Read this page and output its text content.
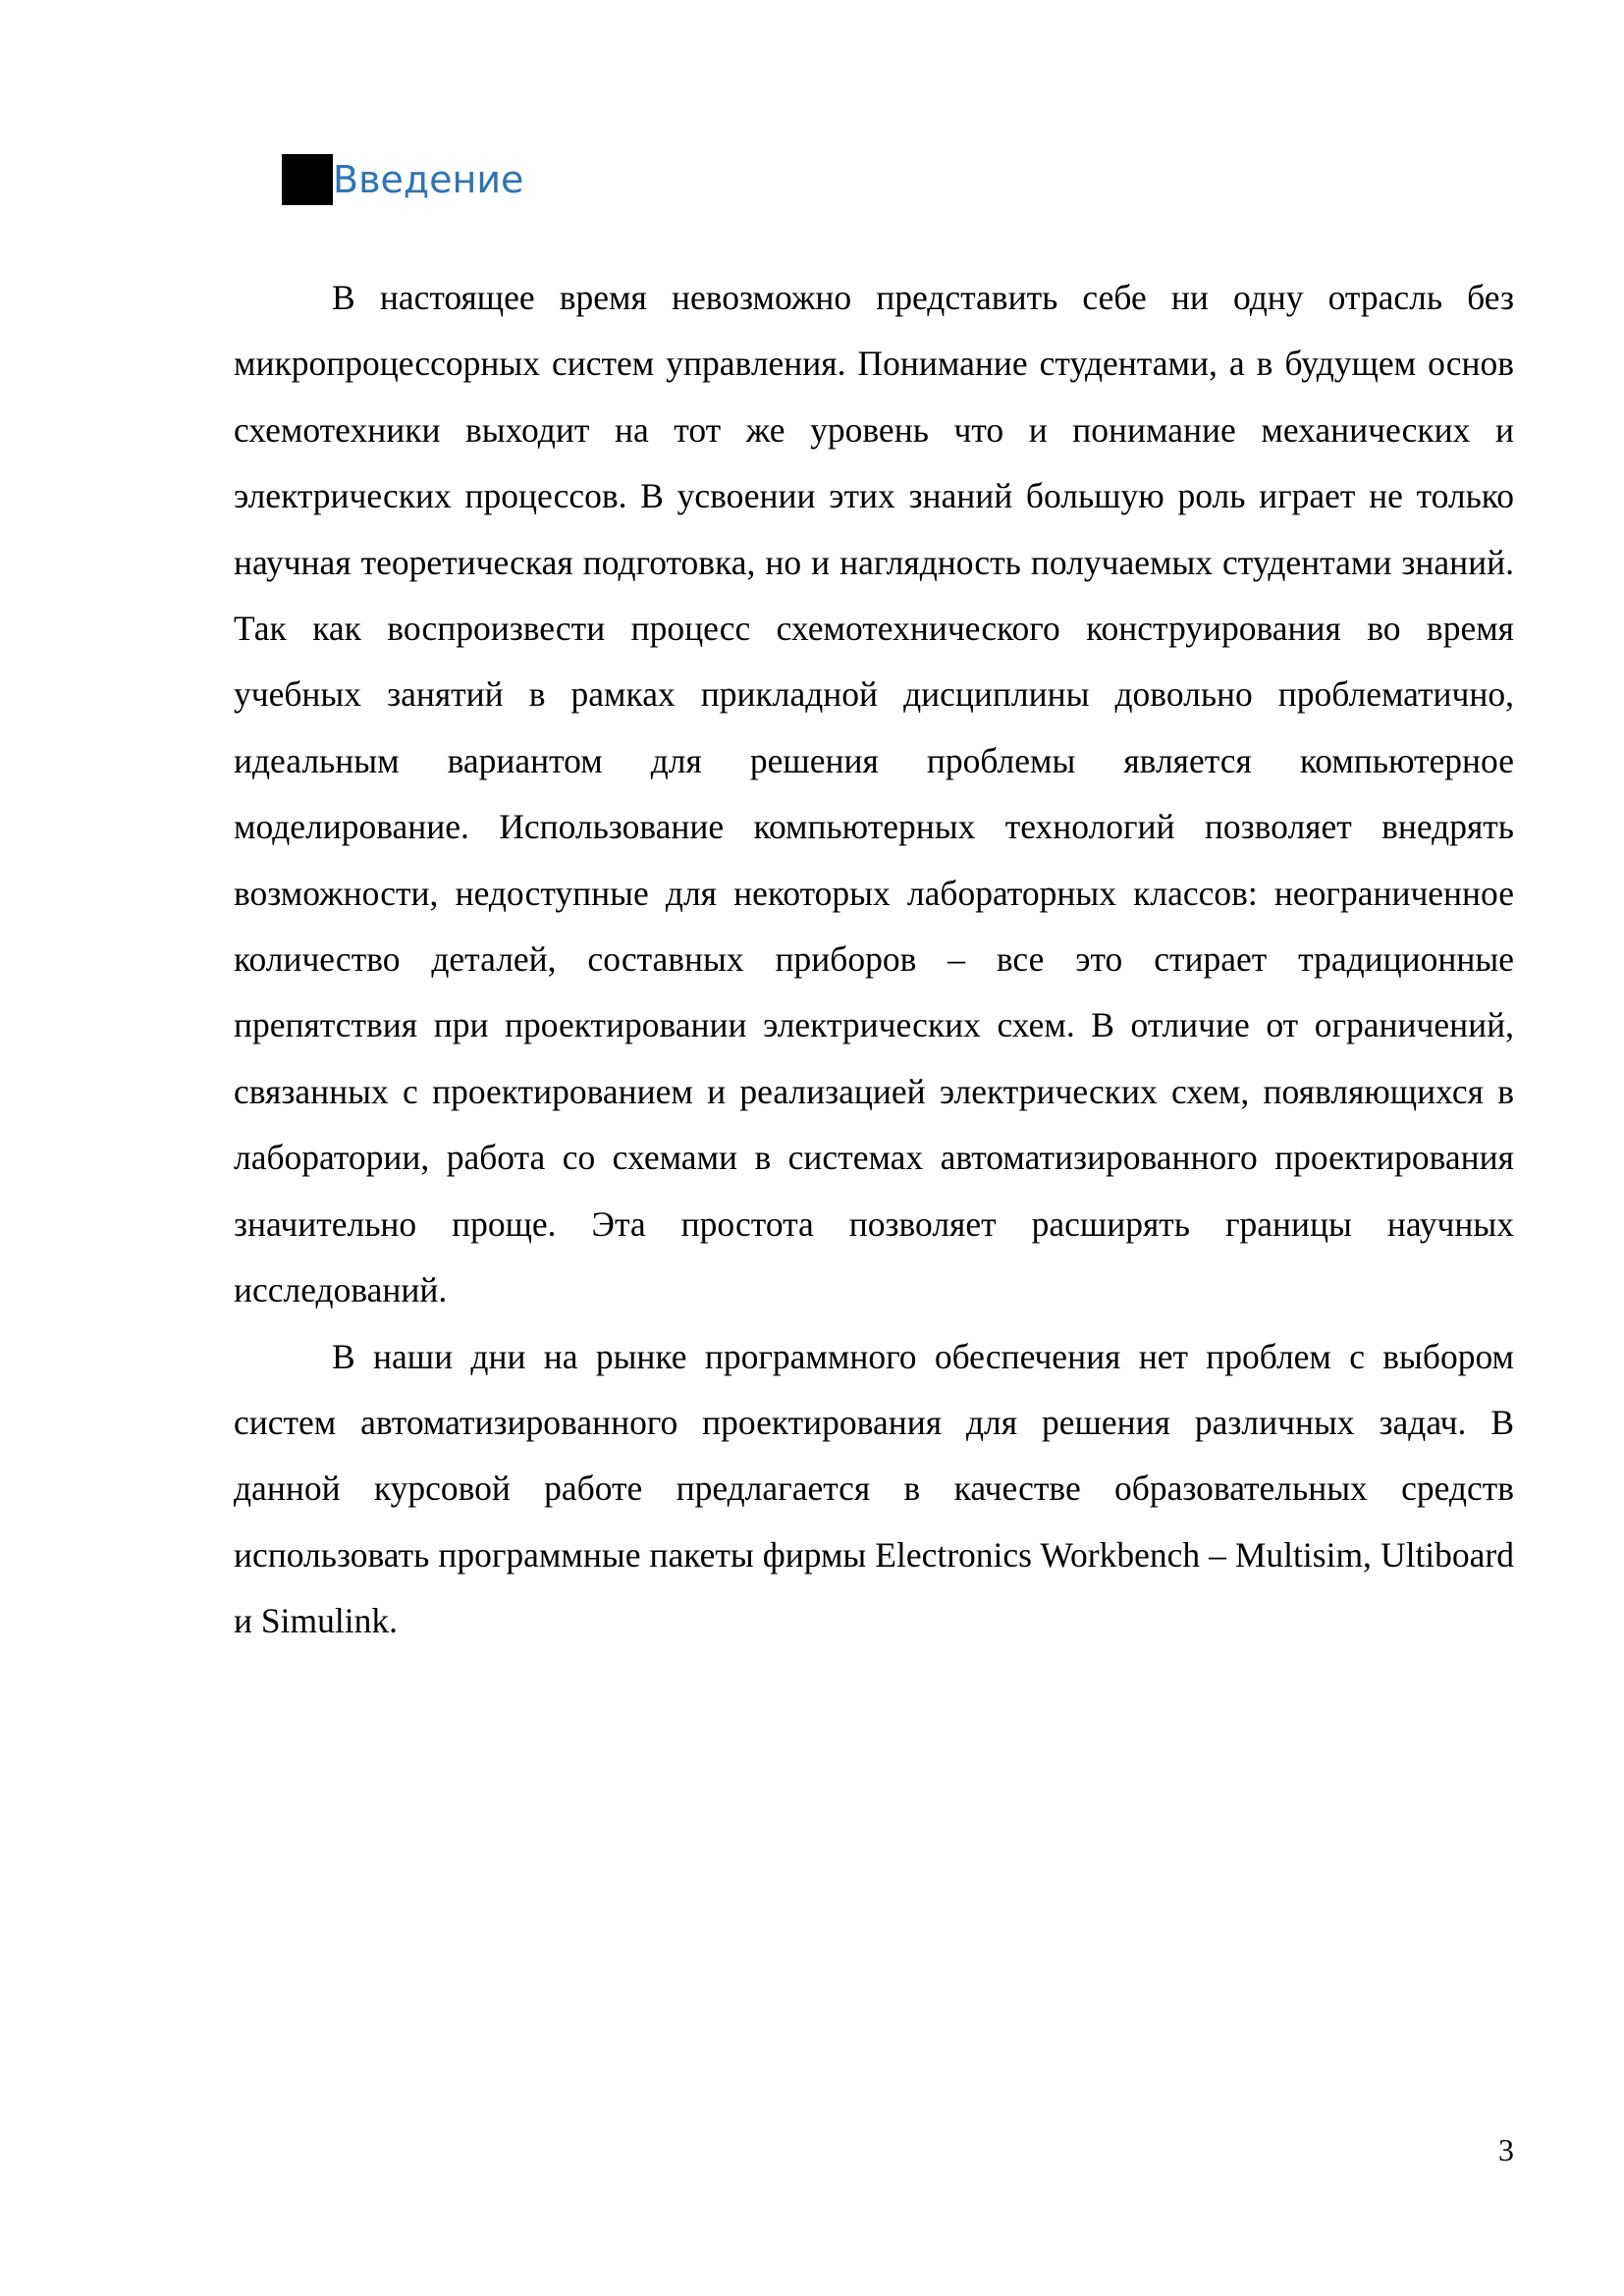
Введение

В настоящее время невозможно представить себе ни одну отрасль без микропроцессорных систем управления. Понимание студентами, а в будущем основ схемотехники выходит на тот же уровень что и понимание механических и электрических процессов. В усвоении этих знаний большую роль играет не только научная теоретическая подготовка, но и наглядность получаемых студентами знаний. Так как воспроизвести процесс схемотехнического конструирования во время учебных занятий в рамках прикладной дисциплины довольно проблематично, идеальным вариантом для решения проблемы является компьютерное моделирование. Использование компьютерных технологий позволяет внедрять возможности, недоступные для некоторых лабораторных классов: неограниченное количество деталей, составных приборов – все это стирает традиционные препятствия при проектировании электрических схем. В отличие от ограничений, связанных с проектированием и реализацией электрических схем, появляющихся в лаборатории, работа со схемами в системах автоматизированного проектирования значительно проще. Эта простота позволяет расширять границы научных исследований.

В наши дни на рынке программного обеспечения нет проблем с выбором систем автоматизированного проектирования для решения различных задач. В данной курсовой работе предлагается в качестве образовательных средств использовать программные пакеты фирмы Electronics Workbench – Multisim, Ultiboard и Simulink.

3
